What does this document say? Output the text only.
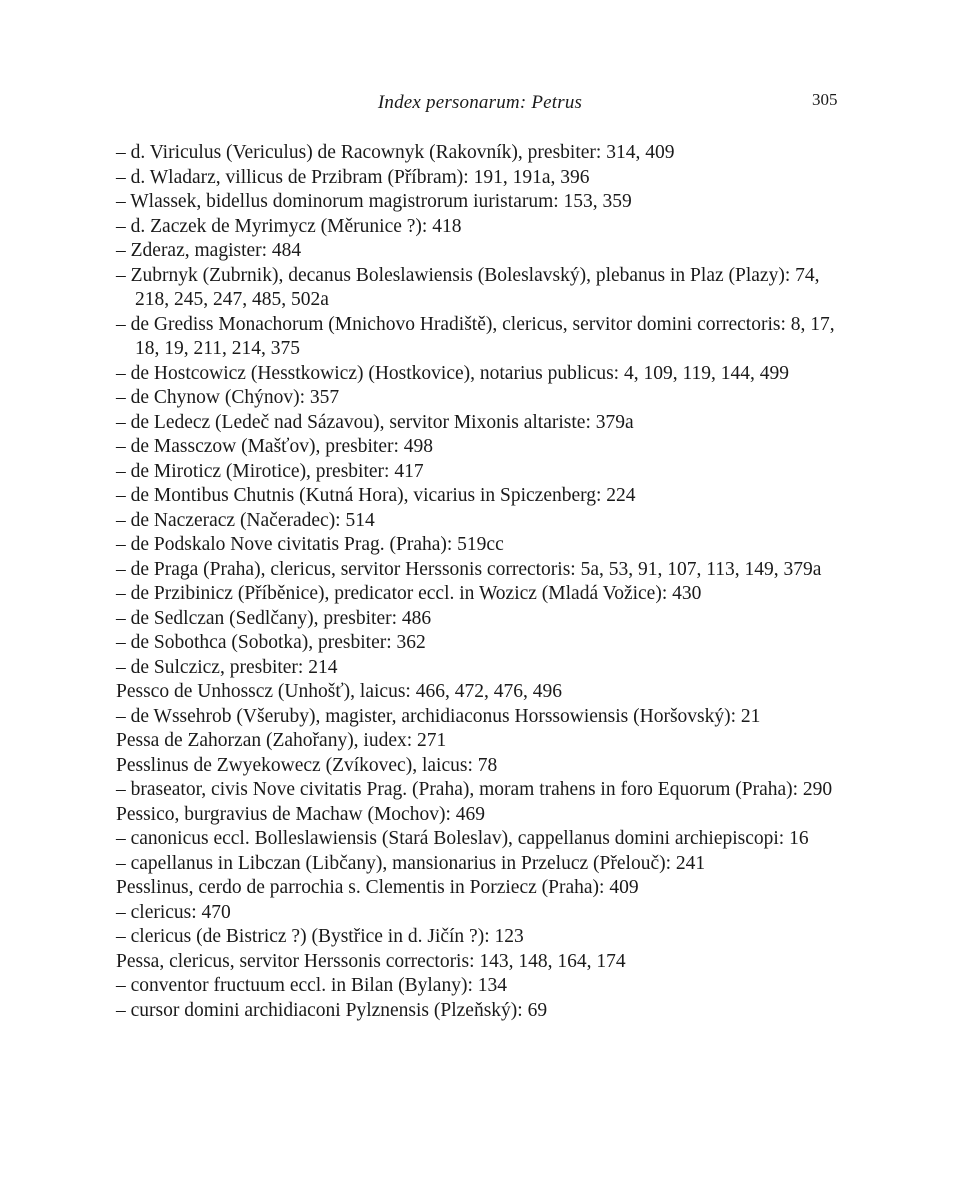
Index personarum: Petrus	305
– d. Viriculus (Vericulus) de Racownyk (Rakovník), presbiter: 314, 409
– d. Wladarz, villicus de Przibram (Příbram): 191, 191a, 396
– Wlassek, bidellus dominorum magistrorum iuristarum: 153, 359
– d. Zaczek de Myrimycz (Měrunice ?): 418
– Zderaz, magister: 484
– Zubrnyk (Zubrnik), decanus Boleslawiensis (Boleslavský), plebanus in Plaz (Plazy): 74, 218, 245, 247, 485, 502a
– de Grediss Monachorum (Mnichovo Hradiště), clericus, servitor domini correctoris: 8, 17, 18, 19, 211, 214, 375
– de Hostcowicz (Hesstkowicz) (Hostkovice), notarius publicus: 4, 109, 119, 144, 499
– de Chynow (Chýnov): 357
– de Ledecz (Ledeč nad Sázavou), servitor Mixonis altariste: 379a
– de Massczow (Mašťov), presbiter: 498
– de Miroticz (Mirotice), presbiter: 417
– de Montibus Chutnis (Kutná Hora), vicarius in Spiczenberg: 224
– de Naczeracz (Načeradec): 514
– de Podskalo Nove civitatis Prag. (Praha): 519cc
– de Praga (Praha), clericus, servitor Herssonis correctoris: 5a, 53, 91, 107, 113, 149, 379a
– de Przibinicz (Příběnice), predicator eccl. in Wozicz (Mladá Vožice): 430
– de Sedlczan (Sedlčany), presbiter: 486
– de Sobothca (Sobotka), presbiter: 362
– de Sulczicz, presbiter: 214
Pessco de Unhosscz (Unhošť), laicus: 466, 472, 476, 496
– de Wssehrob (Všeruby), magister, archidiaconus Horssowiensis (Horšovský): 21
Pessa de Zahorzan (Zahořany), iudex: 271
Pesslinus de Zwyekowecz (Zvíkovec), laicus: 78
– braseator, civis Nove civitatis Prag. (Praha), moram trahens in foro Equorum (Praha): 290
Pessico, burgravius de Machaw (Mochov): 469
– canonicus eccl. Bolleslawiensis (Stará Boleslav), cappellanus domini archiepiscopi: 16
– capellanus in Libczan (Libčany), mansionarius in Przelucz (Přelouč): 241
Pesslinus, cerdo de parrochia s. Clementis in Porziecz (Praha): 409
– clericus: 470
– clericus (de Bistricz ?) (Bystřice in d. Jičín ?): 123
Pessa, clericus, servitor Herssonis correctoris: 143, 148, 164, 174
– conventor fructuum eccl. in Bilan (Bylany): 134
– cursor domini archidiaconi Pylznensis (Plzeňský): 69
